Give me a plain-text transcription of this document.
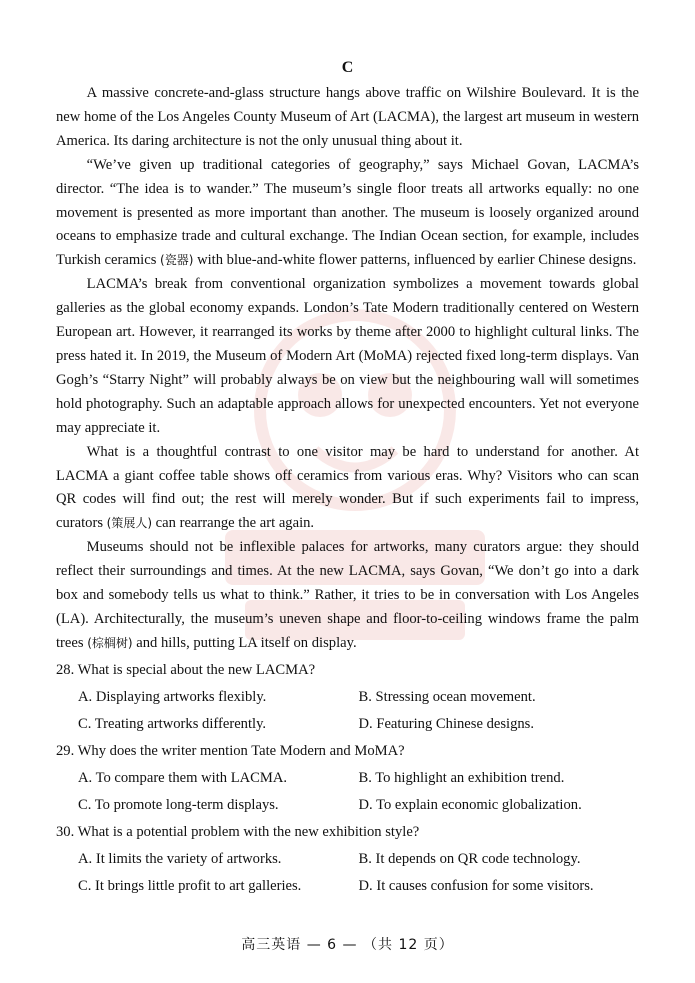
C

A massive concrete-and-glass structure hangs above traffic on Wilshire Boulevard. It is the new home of the Los Angeles County Museum of Art (LACMA), the largest art museum in western America. Its daring architecture is not the only unusual thing about it.

“We’ve given up traditional categories of geography,” says Michael Govan, LACMA’s director. “The idea is to wander.” The museum’s single floor treats all artworks equally: no one movement is presented as more important than another. The museum is loosely organized around oceans to emphasize trade and cultural exchange. The Indian Ocean section, for example, includes Turkish ceramics (瓷器) with blue-and-white flower patterns, influenced by earlier Chinese designs.

LACMA’s break from conventional organization symbolizes a movement towards global galleries as the global economy expands. London’s Tate Modern traditionally centered on Western European art. However, it rearranged its works by theme after 2000 to highlight cultural links. The press hated it. In 2019, the Museum of Modern Art (MoMA) rejected fixed long-term displays. Van Gogh’s “Starry Night” will probably always be on view but the neighbouring wall will sometimes hold photography. Such an adaptable approach allows for unexpected encounters. Yet not everyone may appreciate it.

What is a thoughtful contrast to one visitor may be hard to understand for another. At LACMA a giant coffee table shows off ceramics from various eras. Why? Visitors who can scan QR codes will find out; the rest will merely wonder. But if such experiments fail to impress, curators (策展人) can rearrange the art again.

Museums should not be inflexible palaces for artworks, many curators argue: they should reflect their surroundings and times. At the new LACMA, says Govan, “We don’t go into a dark box and somebody tells us what to think.” Rather, it tries to be in conversation with Los Angeles (LA). Architecturally, the museum’s uneven shape and floor-to-ceiling windows frame the palm trees (棕榈树) and hills, putting LA itself on display.

28. What is special about the new LACMA?
A. Displaying artworks flexibly.	B. Stressing ocean movement.
C. Treating artworks differently.	D. Featuring Chinese designs.
29. Why does the writer mention Tate Modern and MoMA?
A. To compare them with LACMA.	B. To highlight an exhibition trend.
C. To promote long-term displays.	D. To explain economic globalization.
30. What is a potential problem with the new exhibition style?
A. It limits the variety of artworks.	B. It depends on QR code technology.
C. It brings little profit to art galleries.	D. It causes confusion for some visitors.
高三英语 — 6 — （共 12 页）
